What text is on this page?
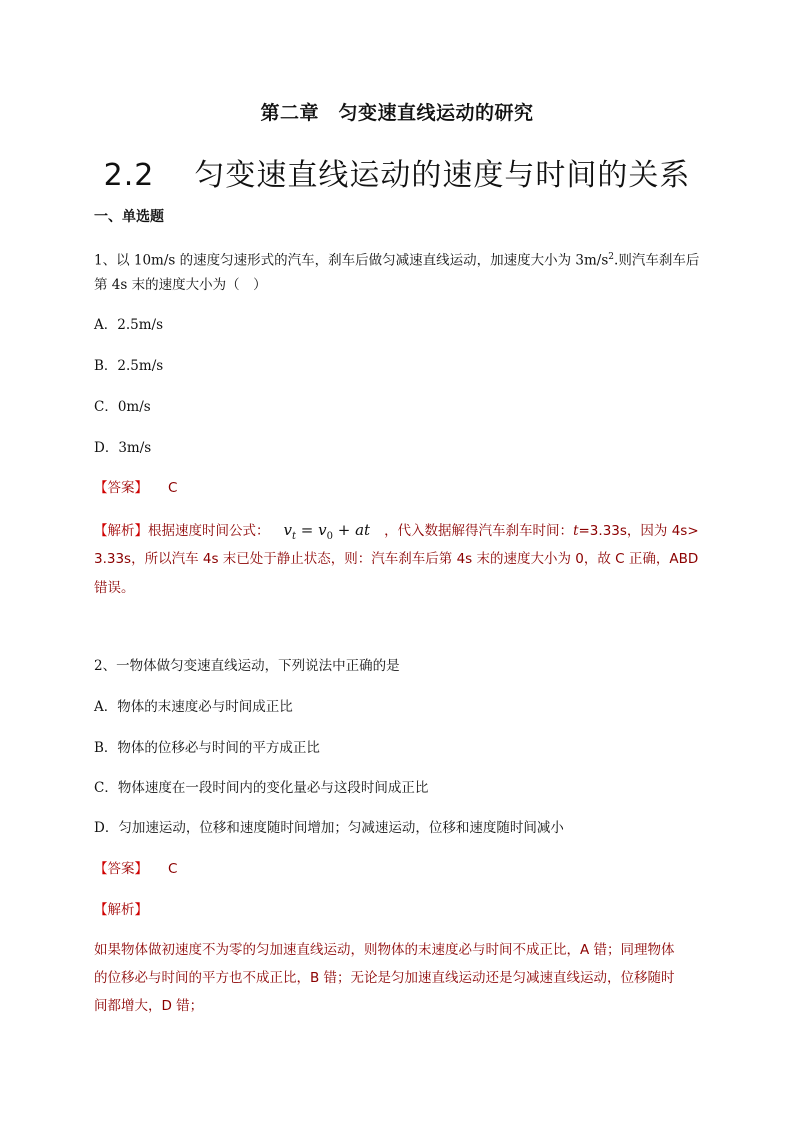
第二章　匀变速直线运动的研究
2.2 匀变速直线运动的速度与时间的关系
一、单选题
1、以 10m/s 的速度匀速形式的汽车，刹车后做匀减速直线运动，加速度大小为 $3m/s^2$.则汽车刹车后
第 4s 末的速度大小为（　）
A．2.5m/s
B．2.5m/s
C．0m/s
D．3m/s
【答案】 C
【解析】根据速度时间公式： $v_t = v_0$ + at ，代入数据解得汽车刹车时间：t=3.33s，因为 4s>
3.33s，所以汽车 4s 末已处于静止状态，则：汽车刹车后第 4s 末的速度大小为 0，故 C 正确，ABD
错误。
2、一物体做匀变速直线运动，下列说法中正确的是
A．物体的末速度必与时间成正比
B．物体的位移必与时间的平方成正比
C．物体速度在一段时间内的变化量必与这段时间成正比
D．匀加速运动，位移和速度随时间增加；匀减速运动，位移和速度随时间减小
【答案】 C
【解析】
如果物体做初速度不为零的匀加速直线运动，则物体的末速度必与时间不成正比，A 错；同理物体
的位移必与时间的平方也不成正比，B 错；无论是匀加速直线运动还是匀减速直线运动，位移随时
间都增大，D 错；
